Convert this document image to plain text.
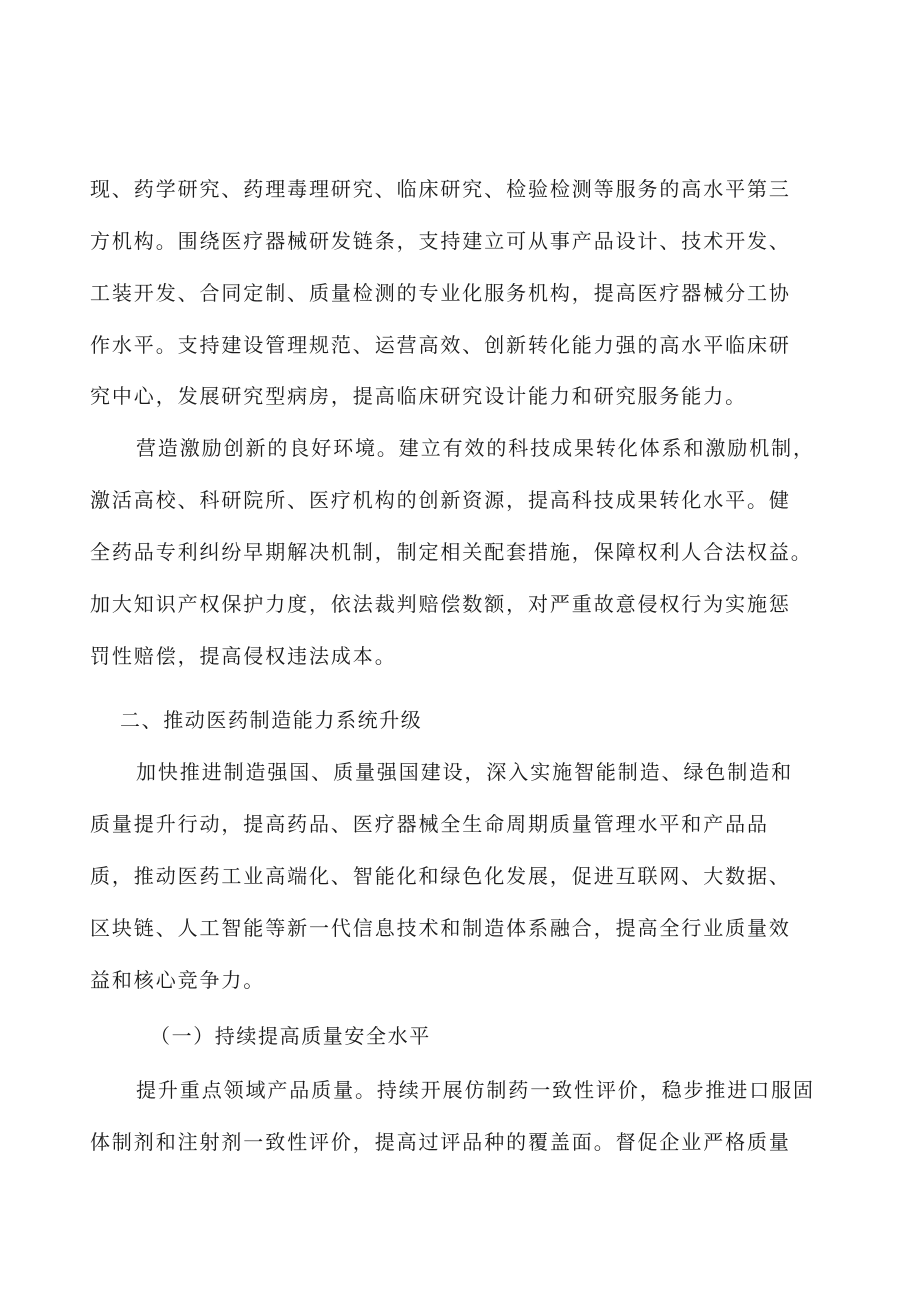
现、药学研究、药理毒理研究、临床研究、检验检测等服务的高水平第三
方机构。围绕医疗器械研发链条，支持建立可从事产品设计、技术开发、
工装开发、合同定制、质量检测的专业化服务机构，提高医疗器械分工协
作水平。支持建设管理规范、运营高效、创新转化能力强的高水平临床研
究中心，发展研究型病房，提高临床研究设计能力和研究服务能力。
营造激励创新的良好环境。建立有效的科技成果转化体系和激励机制，
激活高校、科研院所、医疗机构的创新资源，提高科技成果转化水平。健
全药品专利纠纷早期解决机制，制定相关配套措施，保障权利人合法权益。
加大知识产权保护力度，依法裁判赔偿数额，对严重故意侵权行为实施惩
罚性赔偿，提高侵权违法成本。
二、推动医药制造能力系统升级
加快推进制造强国、质量强国建设，深入实施智能制造、绿色制造和
质量提升行动，提高药品、医疗器械全生命周期质量管理水平和产品品
质，推动医药工业高端化、智能化和绿色化发展，促进互联网、大数据、
区块链、人工智能等新一代信息技术和制造体系融合，提高全行业质量效
益和核心竞争力。
（一）持续提高质量安全水平
提升重点领域产品质量。持续开展仿制药一致性评价，稳步推进口服固
体制剂和注射剂一致性评价，提高过评品种的覆盖面。督促企业严格质量
